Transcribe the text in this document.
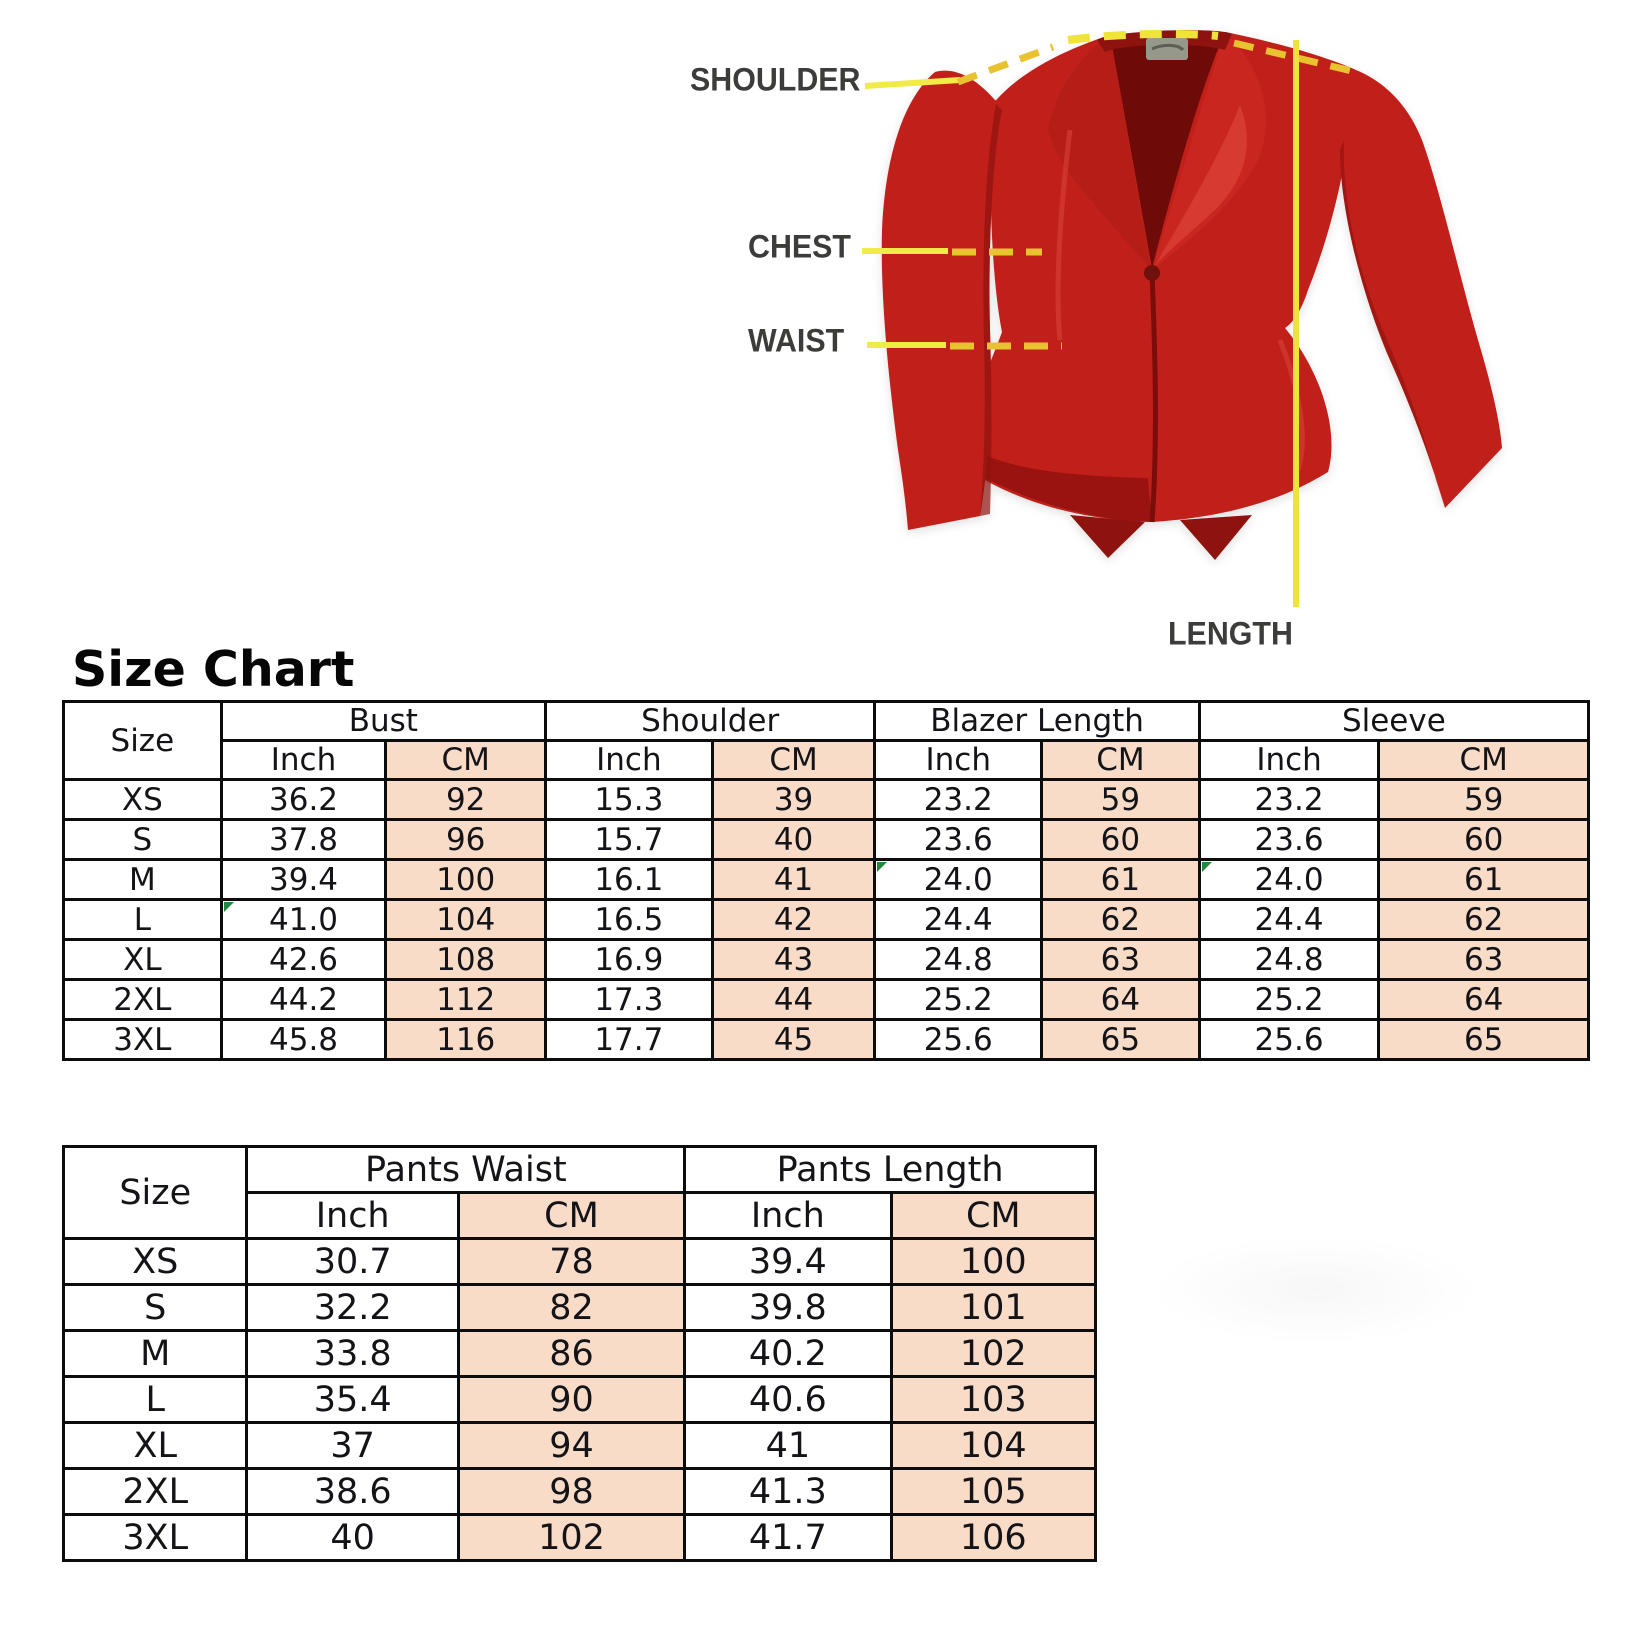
SHOULDER
CHEST
WAIST
LENGTH
Size Chart
Size	Bust		Shoulder		Blazer Length		Sleeve	
	Inch	CM	Inch	CM	Inch	CM	Inch	CM
XS	36.2	92	15.3	39	23.2	59	23.2	59
S	37.8	96	15.7	40	23.6	60	23.6	60
M	39.4	100	16.1	41	24.0	61	24.0	61
L	41.0	104	16.5	42	24.4	62	24.4	62
XL	42.6	108	16.9	43	24.8	63	24.8	63
2XL	44.2	112	17.3	44	25.2	64	25.2	64
3XL	45.8	116	17.7	45	25.6	65	25.6	65
Size	Pants Waist		Pants Length	
	Inch	CM	Inch	CM
XS	30.7	78	39.4	100
S	32.2	82	39.8	101
M	33.8	86	40.2	102
L	35.4	90	40.6	103
XL	37	94	41	104
2XL	38.6	98	41.3	105
3XL	40	102	41.7	106
